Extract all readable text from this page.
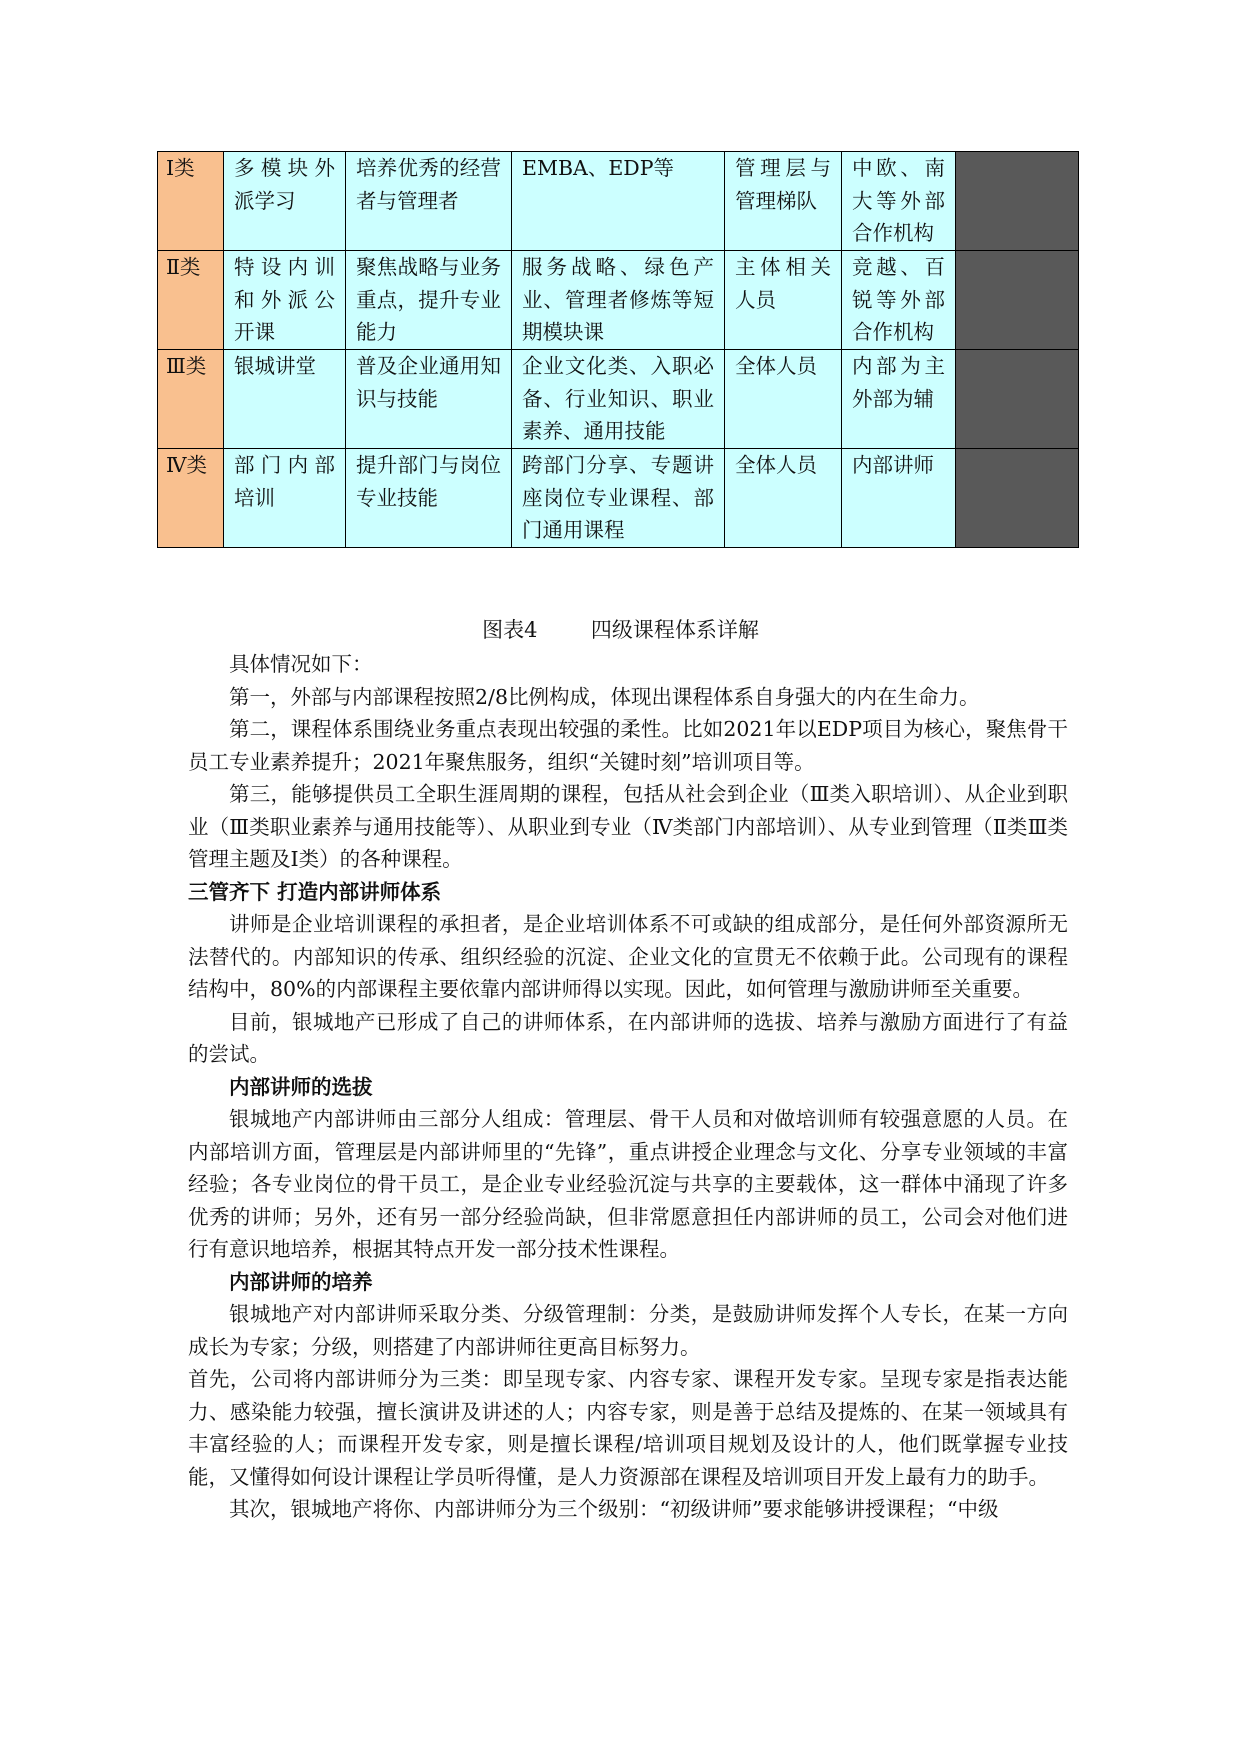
Ⅰ类	多模块外派学习	培养优秀的经营者与管理者	EMBA、EDP等	管理层与管理梯队	中欧、南大等外部合作机构	
Ⅱ类	特设内训和外派公开课	聚焦战略与业务重点，提升专业能力	服务战略、绿色产业、管理者修炼等短期模块课	主体相关人员	竞越、百锐等外部合作机构	
Ⅲ类	银城讲堂	普及企业通用知识与技能	企业文化类、入职必备、行业知识、职业素养、通用技能	全体人员	内部为主外部为辅	
Ⅳ类	部门内部培训	提升部门与岗位专业技能	跨部门分享、专题讲座岗位专业课程、部门通用课程	全体人员	内部讲师	
图表4        四级课程体系详解

具体情况如下：

第一，外部与内部课程按照2/8比例构成，体现出课程体系自身强大的内在生命力。

第二，课程体系围绕业务重点表现出较强的柔性。比如2021年以EDP项目为核心，聚焦骨干员工专业素养提升；2021年聚焦服务，组织“关键时刻”培训项目等。

第三，能够提供员工全职生涯周期的课程，包括从社会到企业（Ⅲ类入职培训）、从企业到职业（Ⅲ类职业素养与通用技能等）、从职业到专业（Ⅳ类部门内部培训）、从专业到管理（Ⅱ类Ⅲ类管理主题及Ⅰ类）的各种课程。

三管齐下 打造内部讲师体系

讲师是企业培训课程的承担者，是企业培训体系不可或缺的组成部分，是任何外部资源所无法替代的。内部知识的传承、组织经验的沉淀、企业文化的宣贯无不依赖于此。公司现有的课程结构中，80%的内部课程主要依靠内部讲师得以实现。因此，如何管理与激励讲师至关重要。

目前，银城地产已形成了自己的讲师体系，在内部讲师的选拔、培养与激励方面进行了有益的尝试。

内部讲师的选拔

银城地产内部讲师由三部分人组成：管理层、骨干人员和对做培训师有较强意愿的人员。在内部培训方面，管理层是内部讲师里的“先锋”，重点讲授企业理念与文化、分享专业领域的丰富经验；各专业岗位的骨干员工，是企业专业经验沉淀与共享的主要载体，这一群体中涌现了许多优秀的讲师；另外，还有另一部分经验尚缺，但非常愿意担任内部讲师的员工，公司会对他们进行有意识地培养，根据其特点开发一部分技术性课程。

内部讲师的培养

银城地产对内部讲师采取分类、分级管理制：分类，是鼓励讲师发挥个人专长，在某一方向成长为专家；分级，则搭建了内部讲师往更高目标努力。

首先，公司将内部讲师分为三类：即呈现专家、内容专家、课程开发专家。呈现专家是指表达能力、感染能力较强，擅长演讲及讲述的人；内容专家，则是善于总结及提炼的、在某一领域具有丰富经验的人；而课程开发专家，则是擅长课程/培训项目规划及设计的人，他们既掌握专业技能，又懂得如何设计课程让学员听得懂，是人力资源部在课程及培训项目开发上最有力的助手。

其次，银城地产将你、内部讲师分为三个级别：“初级讲师”要求能够讲授课程；“中级
